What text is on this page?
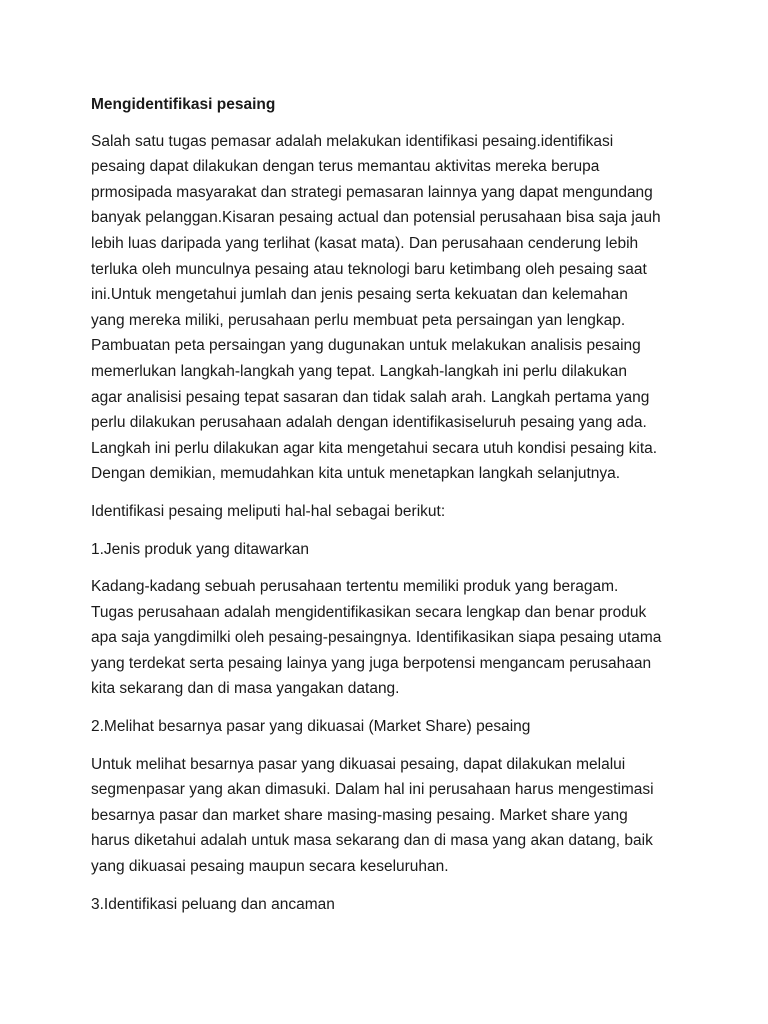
Mengidentifikasi pesaing
Salah satu tugas pemasar adalah melakukan identifikasi pesaing.identifikasi
pesaing dapat dilakukan dengan terus memantau aktivitas mereka berupa
prmosipada masyarakat dan strategi pemasaran lainnya yang dapat mengundang
banyak pelanggan.Kisaran pesaing actual dan potensial perusahaan bisa saja jauh
lebih luas daripada yang terlihat (kasat mata). Dan perusahaan cenderung lebih
terluka oleh munculnya pesaing atau teknologi baru ketimbang oleh pesaing saat
ini.Untuk mengetahui jumlah dan jenis pesaing serta kekuatan dan kelemahan
yang mereka miliki, perusahaan perlu membuat peta persaingan yan lengkap.
Pambuatan peta persaingan yang dugunakan untuk melakukan analisis pesaing
memerlukan langkah-langkah yang tepat. Langkah-langkah ini perlu dilakukan
agar analisisi pesaing tepat sasaran dan tidak salah arah. Langkah pertama yang
perlu dilakukan perusahaan adalah dengan identifikasiseluruh pesaing yang ada.
Langkah ini perlu dilakukan agar kita mengetahui secara utuh kondisi pesaing kita.
Dengan demikian, memudahkan kita untuk menetapkan langkah selanjutnya.
Identifikasi pesaing meliputi hal-hal sebagai berikut:
1.Jenis produk yang ditawarkan
Kadang-kadang sebuah perusahaan tertentu memiliki produk yang beragam.
Tugas perusahaan adalah mengidentifikasikan secara lengkap dan benar produk
apa saja yangdimilki oleh pesaing-pesaingnya. Identifikasikan siapa pesaing utama
yang terdekat serta pesaing lainya yang juga berpotensi mengancam perusahaan
kita sekarang dan di masa yangakan datang.
2.Melihat besarnya pasar yang dikuasai (Market Share) pesaing
Untuk melihat besarnya pasar yang dikuasai pesaing, dapat dilakukan melalui
segmenpasar yang akan dimasuki. Dalam hal ini perusahaan harus mengestimasi
besarnya pasar dan market share masing-masing pesaing. Market share yang
harus diketahui adalah untuk masa sekarang dan di masa yang akan datang, baik
yang dikuasai pesaing maupun secara keseluruhan.
3.Identifikasi peluang dan ancaman
